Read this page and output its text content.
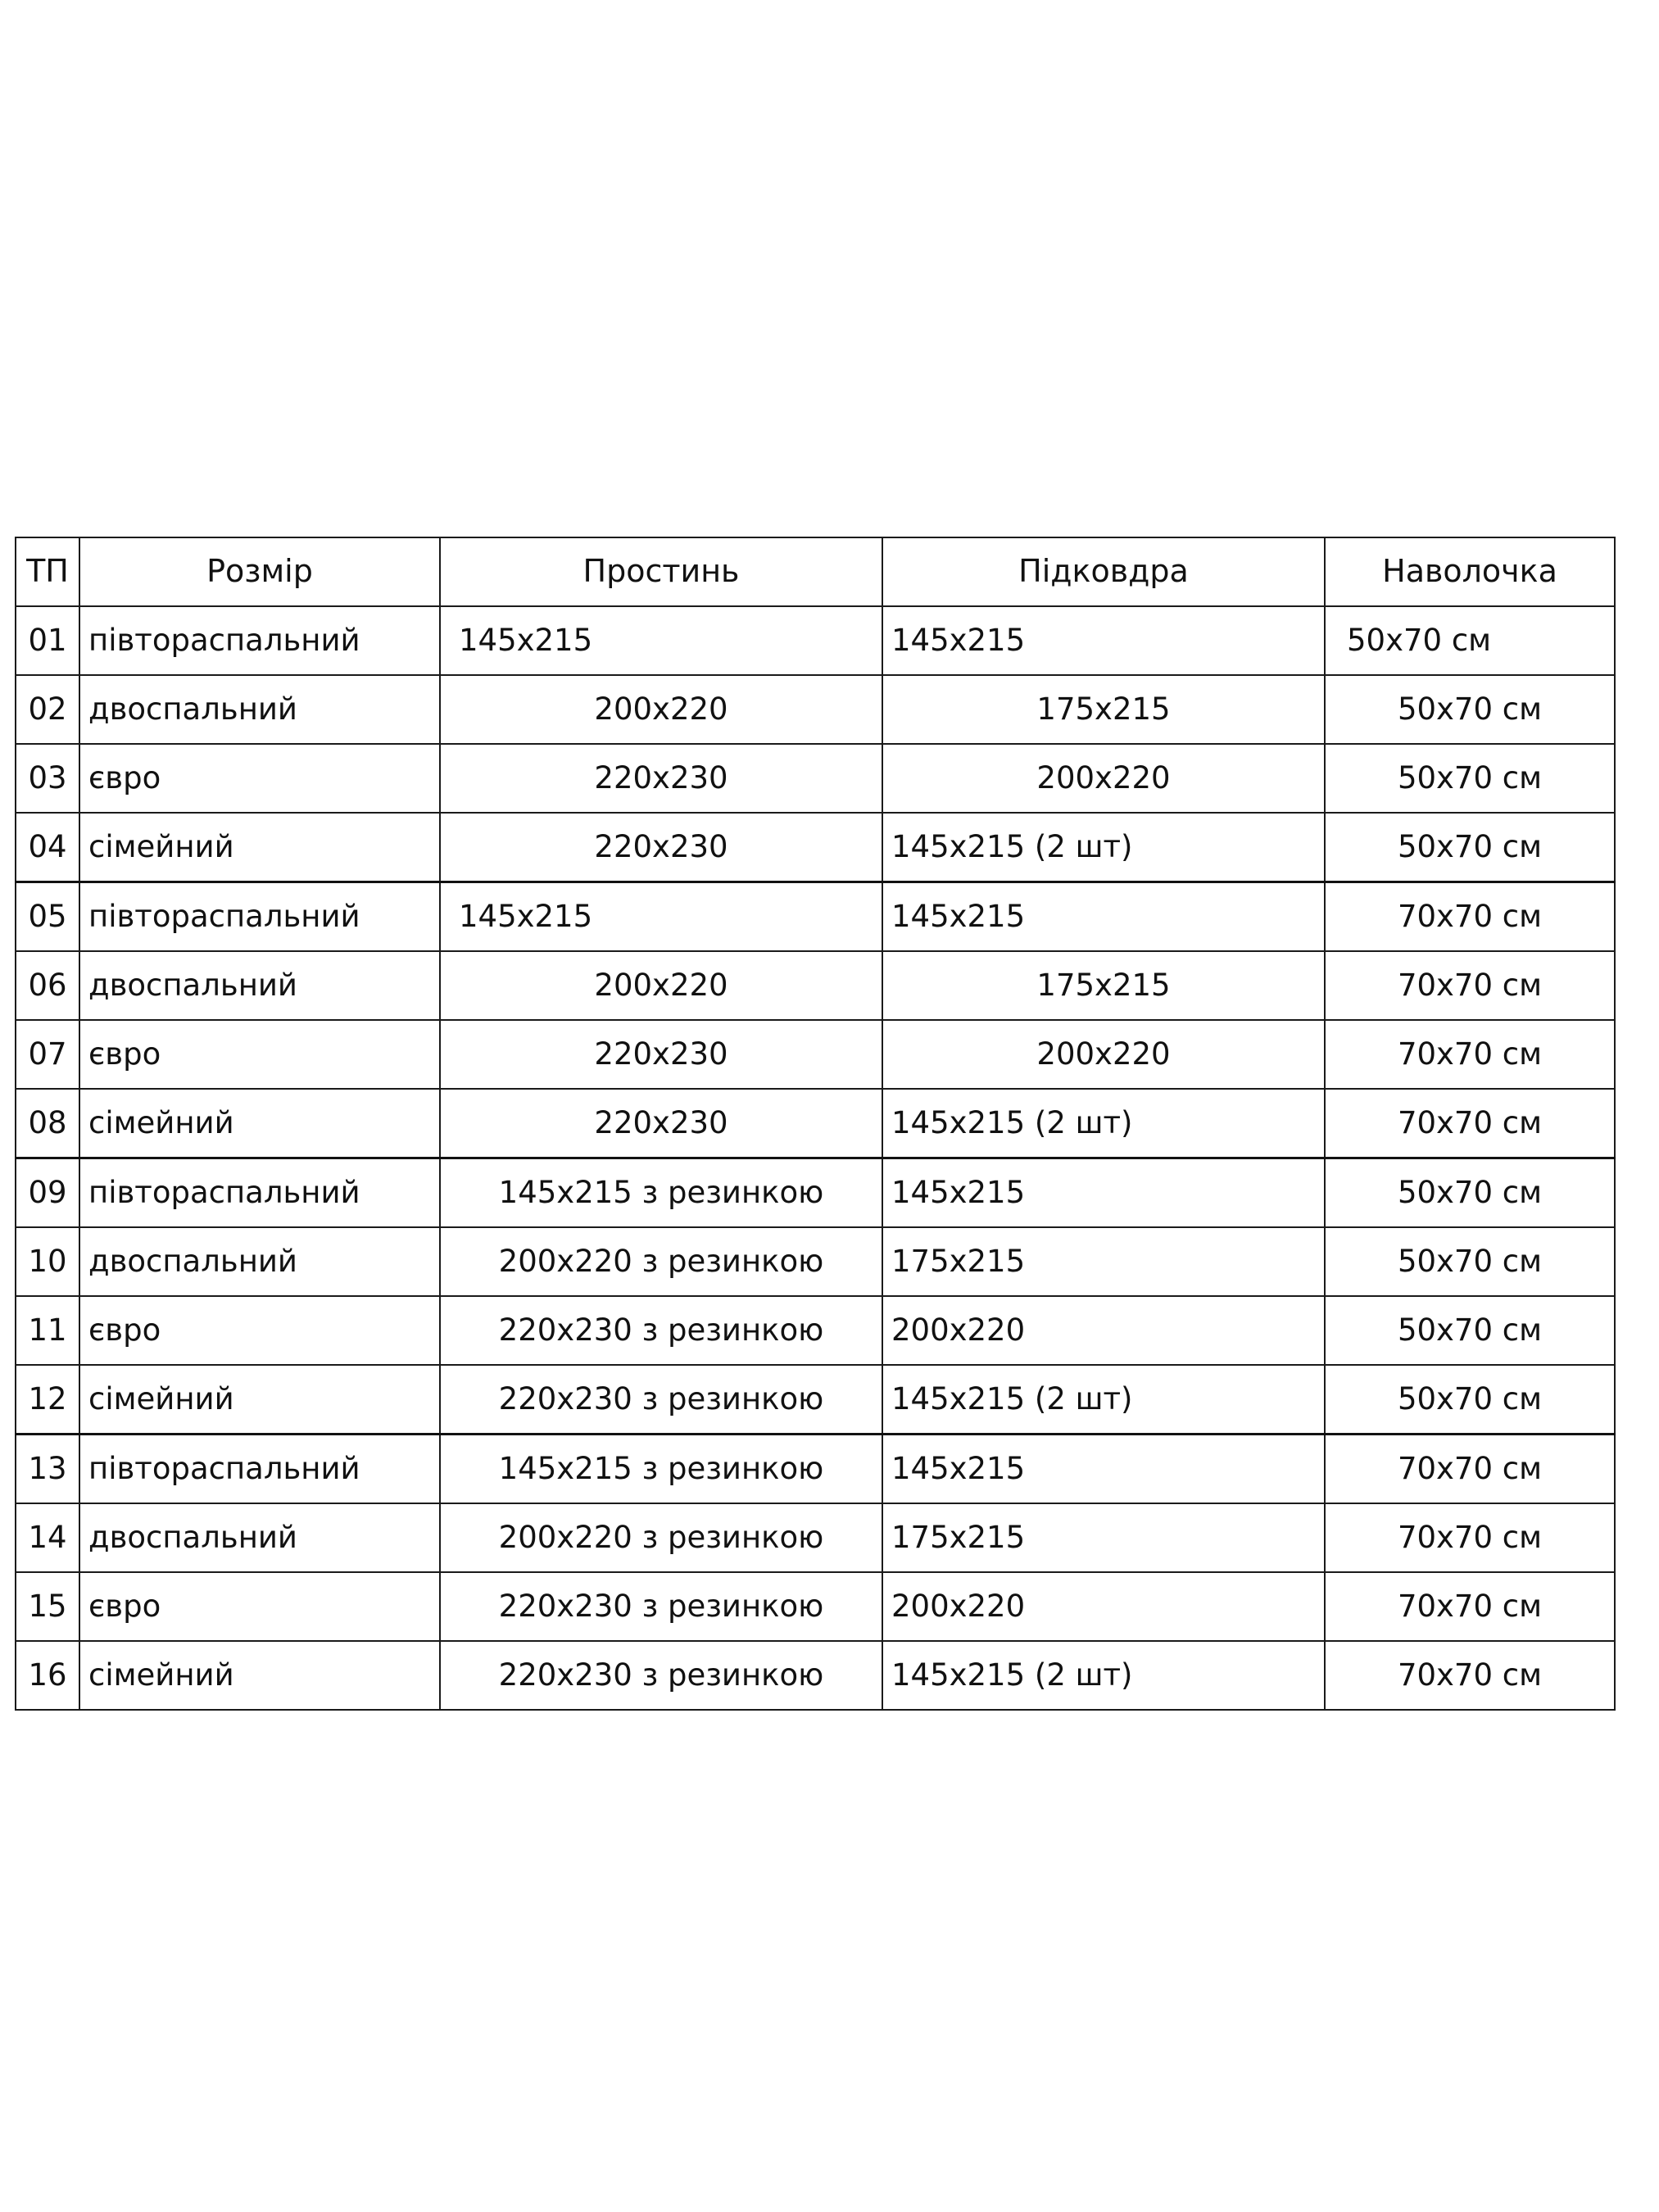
ТП	Розмір	Простинь	Підковдра	Наволочка
01	півтораспальний	145х215	145х215	50х70 см
02	двоспальний	200х220	175х215	50х70 см
03	євро	220х230	200х220	50х70 см
04	сімейний	220х230	145х215 (2 шт)	50х70 см
05	півтораспальний	145х215	145х215	70х70 см
06	двоспальний	200х220	175х215	70х70 см
07	євро	220х230	200х220	70х70 см
08	сімейний	220х230	145х215 (2 шт)	70х70 см
09	півтораспальний	145х215 з резинкою	145х215	50х70 см
10	двоспальний	200х220 з резинкою	175х215	50х70 см
11	євро	220х230 з резинкою	200х220	50х70 см
12	сімейний	220х230 з резинкою	145х215 (2 шт)	50х70 см
13	півтораспальний	145х215 з резинкою	145х215	70х70 см
14	двоспальний	200х220 з резинкою	175х215	70х70 см
15	євро	220х230 з резинкою	200х220	70х70 см
16	сімейний	220х230 з резинкою	145х215 (2 шт)	70х70 см
